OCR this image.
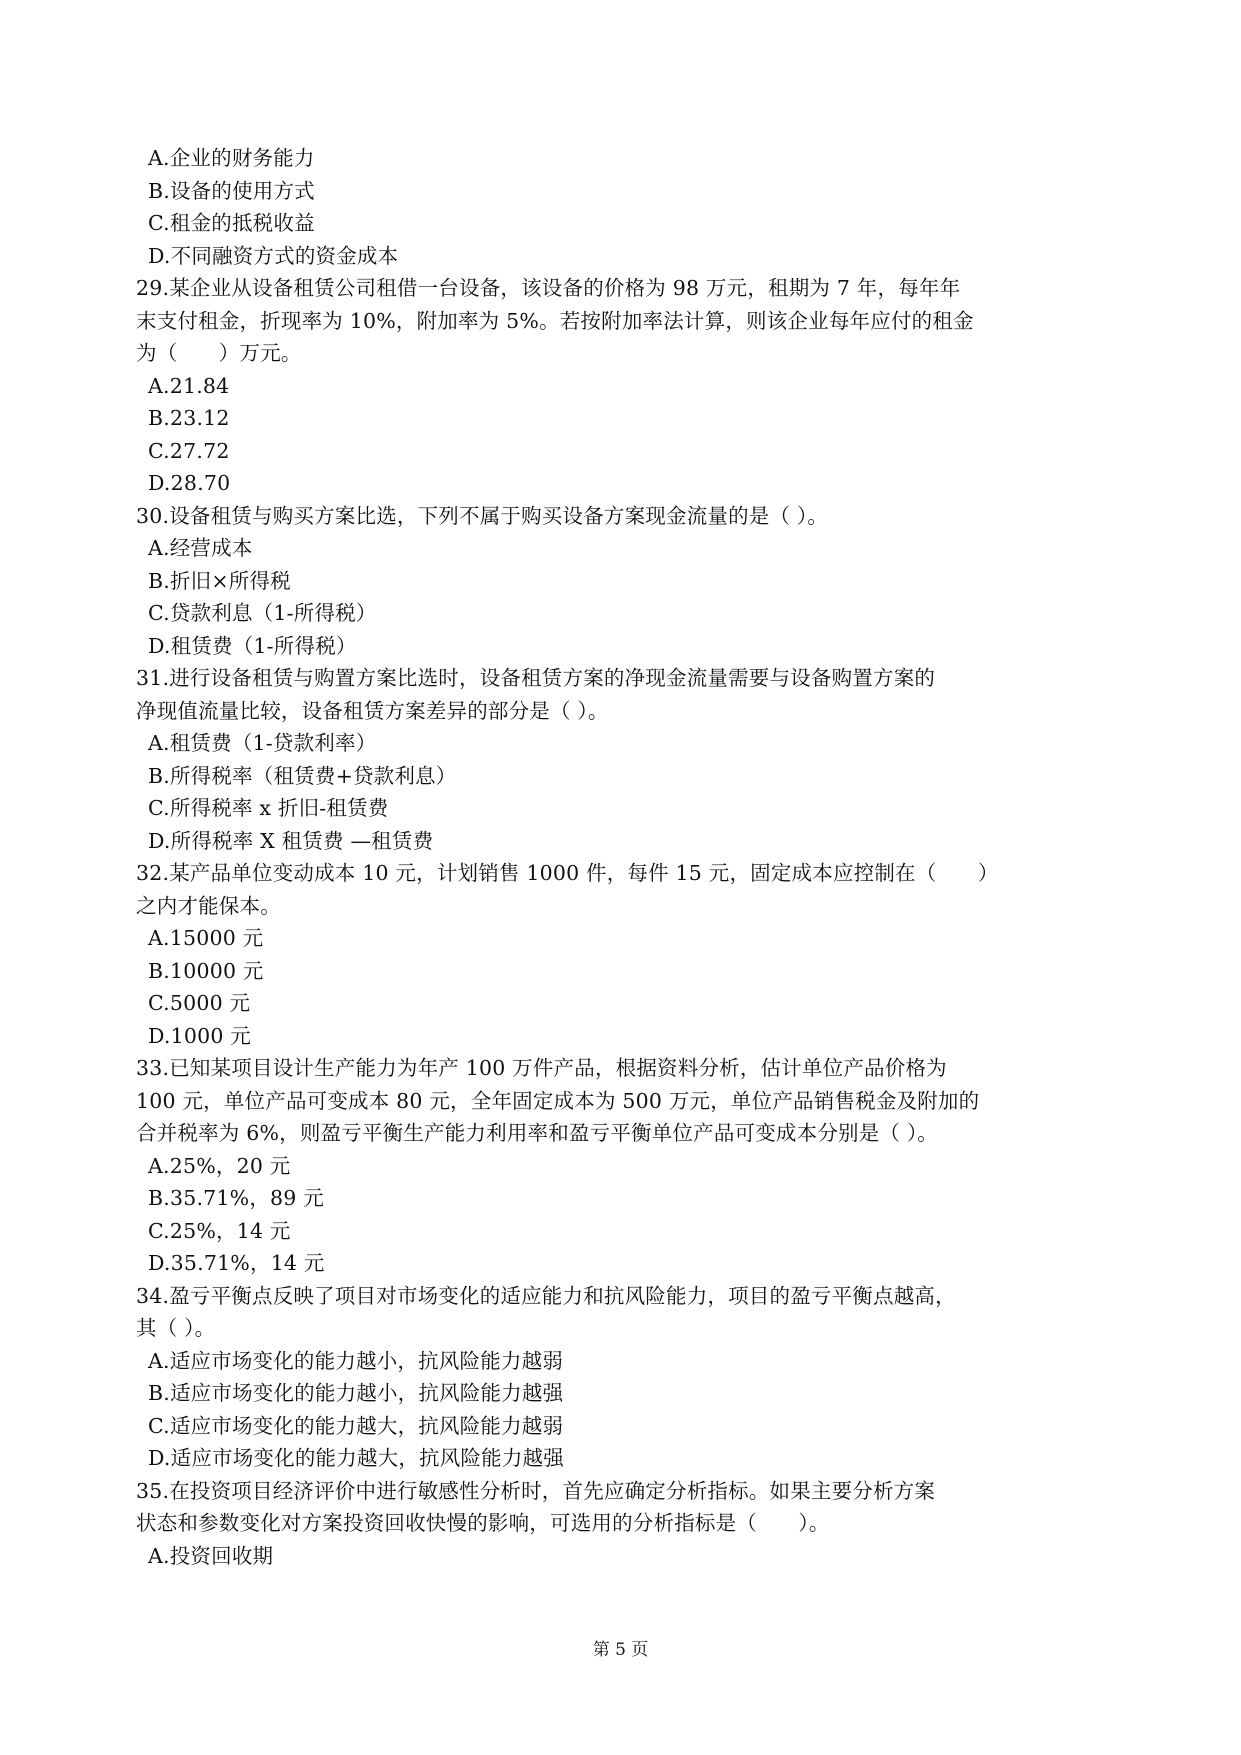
A.企业的财务能力
B.设备的使用方式
C.租金的抵税收益
D.不同融资方式的资金成本
29.某企业从设备租赁公司租借一台设备，该设备的价格为 98 万元，租期为 7 年，每年年
末支付租金，折现率为 10%，附加率为 5%。若按附加率法计算，则该企业每年应付的租金
为（　　）万元。
A.21.84
B.23.12
C.27.72
D.28.70
30.设备租赁与购买方案比选，下列不属于购买设备方案现金流量的是（ ）。
A.经营成本
B.折旧×所得税
C.贷款利息（1-所得税）
D.租赁费（1-所得税）
31.进行设备租赁与购置方案比选时，设备租赁方案的净现金流量需要与设备购置方案的
净现值流量比较，设备租赁方案差异的部分是（ ）。
A.租赁费（1-贷款利率）
B.所得税率（租赁费+贷款利息）
C.所得税率 x 折旧-租赁费
D.所得税率 X 租赁费 —租赁费
32.某产品单位变动成本 10 元，计划销售 1000 件，每件 15 元，固定成本应控制在（　　）
之内才能保本。
A.15000 元
B.10000 元
C.5000 元
D.1000 元
33.已知某项目设计生产能力为年产 100 万件产品，根据资料分析，估计单位产品价格为
100 元，单位产品可变成本 80 元，全年固定成本为 500 万元，单位产品销售税金及附加的
合并税率为 6%，则盈亏平衡生产能力利用率和盈亏平衡单位产品可变成本分别是（ ）。
A.25%，20 元
B.35.71%，89 元
C.25%，14 元
D.35.71%，14 元
34.盈亏平衡点反映了项目对市场变化的适应能力和抗风险能力，项目的盈亏平衡点越高，
其（ ）。
A.适应市场变化的能力越小，抗风险能力越弱
B.适应市场变化的能力越小，抗风险能力越强
C.适应市场变化的能力越大，抗风险能力越弱
D.适应市场变化的能力越大，抗风险能力越强
35.在投资项目经济评价中进行敏感性分析时，首先应确定分析指标。如果主要分析方案
状态和参数变化对方案投资回收快慢的影响，可选用的分析指标是（　　）。
A.投资回收期
第 5 页
